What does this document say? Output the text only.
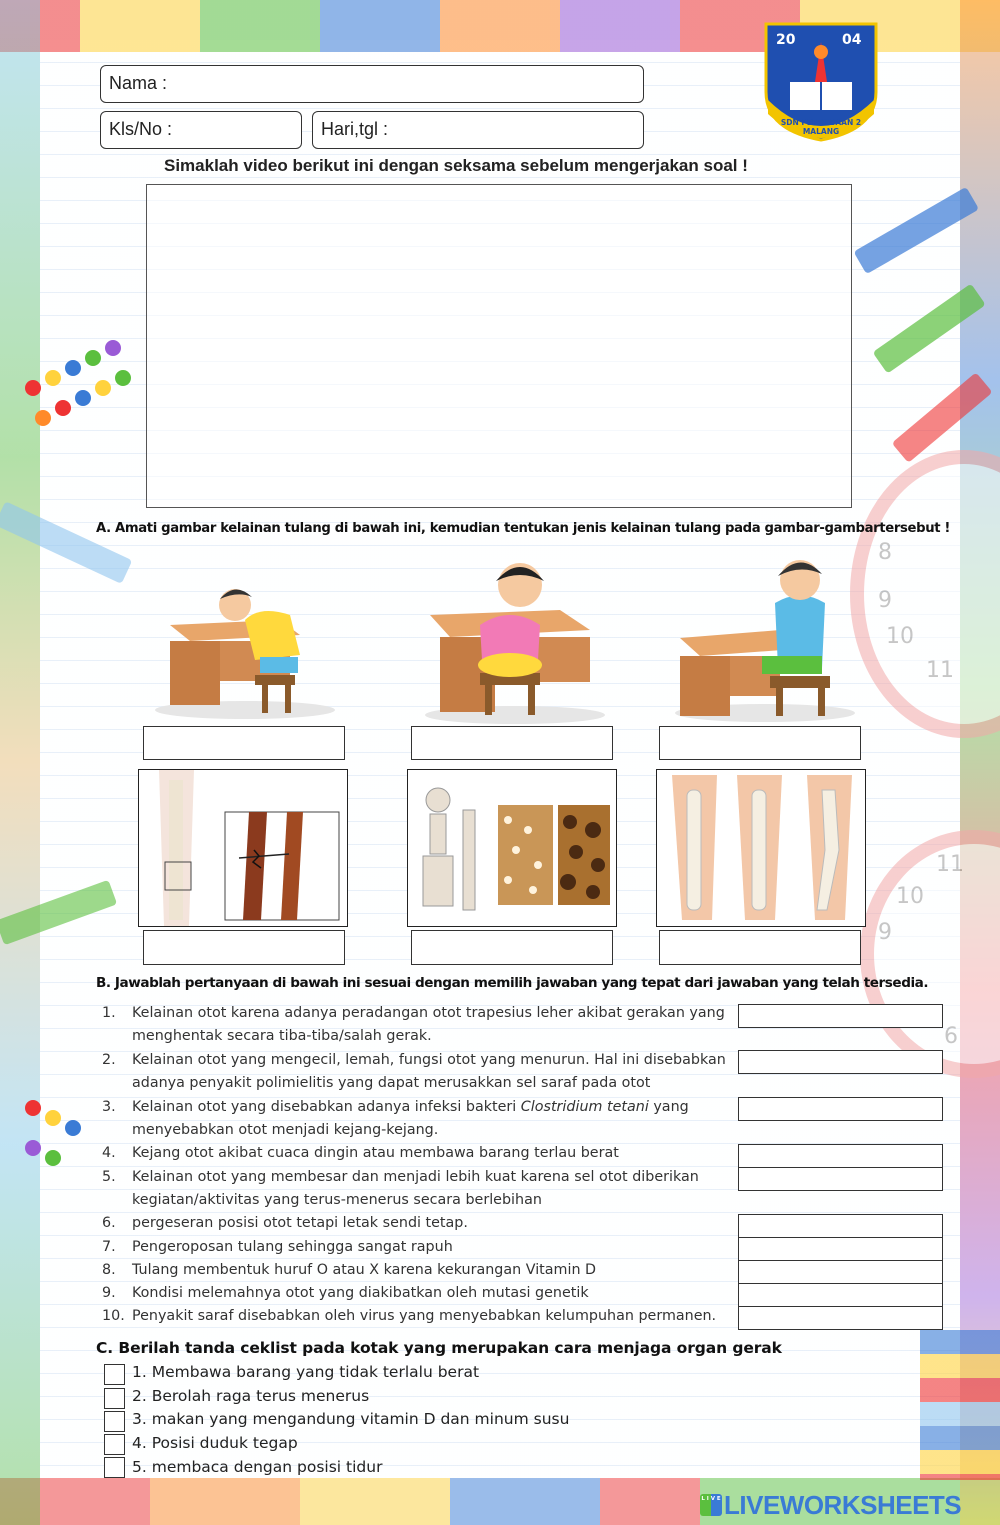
8
9
10
11
10
11
9
6
20	04
SDN PERCOBAAN 2 MALANG
Nama :
Kls/No :	Hari,tgl :
Simaklah video berikut ini dengan seksama sebelum mengerjakan soal !
A. Amati gambar kelainan tulang di bawah ini, kemudian tentukan jenis kelainan tulang pada gambar-gambartersebut !
B. Jawablah pertanyaan di bawah ini sesuai dengan memilih jawaban yang tepat dari jawaban yang telah tersedia.
1. Kelainan otot karena adanya peradangan otot trapesius leher akibat gerakan yang
menghentak secara tiba-tiba/salah gerak.
2. Kelainan otot yang mengecil, lemah, fungsi otot yang menurun. Hal ini disebabkan
adanya penyakit polimielitis yang dapat merusakkan sel saraf pada otot
3. Kelainan otot yang disebabkan adanya infeksi bakteri Clostridium tetani yang
menyebabkan otot menjadi kejang-kejang.
4. Kejang otot akibat cuaca dingin atau membawa barang terlau berat
5. Kelainan otot yang membesar dan menjadi lebih kuat karena sel otot diberikan
kegiatan/aktivitas yang terus-menerus secara berlebihan
6. pergeseran posisi otot tetapi letak sendi tetap.
7. Pengeroposan tulang sehingga sangat rapuh
8. Tulang membentuk huruf O atau X karena kekurangan Vitamin D
9. Kondisi melemahnya otot yang diakibatkan oleh mutasi genetik
10. Penyakit saraf disebabkan oleh virus yang menyebabkan kelumpuhan permanen.
C. Berilah tanda ceklist pada kotak yang merupakan cara menjaga organ gerak
1. Membawa barang yang tidak terlalu berat
2. Berolah raga terus menerus
3. makan yang mengandung vitamin D dan minum susu
4. Posisi duduk tegap
5. membaca dengan posisi tidur
L I V E LIVEWORKSHEETS
